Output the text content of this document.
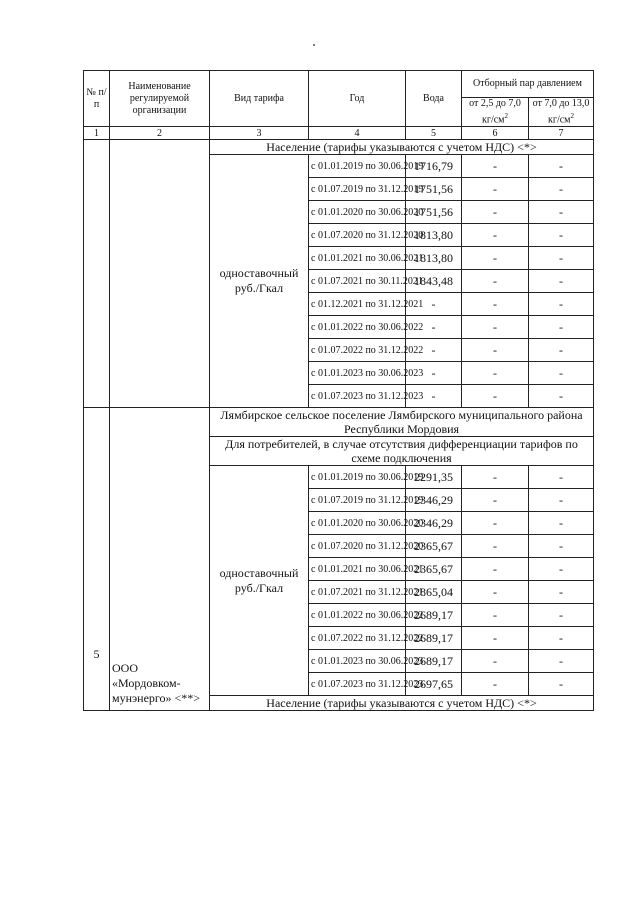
№ п/п	Наименование регулируемой организации	Вид тарифа	Год	Вода	Отборный пар давлением	
					от 2,5 до 7,0 $кг/см^2$	от 7,0 до 13,0 $кг/см^2$
1	2	3	4	5	6	7
		Население (тарифы указываются с учетом НДС) <*>				
		одноставочный руб./Гкал	с 01.01.2019 по 30.06.2019	1716,79	-	-
			с 01.07.2019 по 31.12.2019	1751,56	-	-
			с 01.01.2020 по 30.06.2020	1751,56	-	-
			с 01.07.2020 по 31.12.2020	1813,80	-	-
			с 01.01.2021 по 30.06.2021	1813,80	-	-
			с 01.07.2021 по 30.11.2021	1843,48	-	-
			с 01.12.2021 по 31.12.2021	-	-	-
			с 01.01.2022 по 30.06.2022	-	-	-
			с 01.07.2022 по 31.12.2022	-	-	-
			с 01.01.2023 по 30.06.2023	-	-	-
			с 01.07.2023 по 31.12.2023	-	-	-
5	ООО «Мордовком-мунэнерго» <**>	Лямбирское сельское поселение Лямбирского муниципального района Республики Мордовия				
		Для потребителей, в случае отсутствия дифференциации тарифов по схеме подключения				
		одноставочный руб./Гкал	с 01.01.2019 по 30.06.2019	2291,35	-	-
			с 01.07.2019 по 31.12.2019	2346,29	-	-
			с 01.01.2020 по 30.06.2020	2346,29	-	-
			с 01.07.2020 по 31.12.2020	2365,67	-	-
			с 01.01.2021 по 30.06.2021	2365,67	-	-
			с 01.07.2021 по 31.12.2021	2865,04	-	-
			с 01.01.2022 по 30.06.2022	2689,17	-	-
			с 01.07.2022 по 31.12.2022	2689,17	-	-
			с 01.01.2023 по 30.06.2023	2689,17	-	-
			с 01.07.2023 по 31.12.2023	2697,65	-	-
		Население (тарифы указываются с учетом НДС) <*>				
